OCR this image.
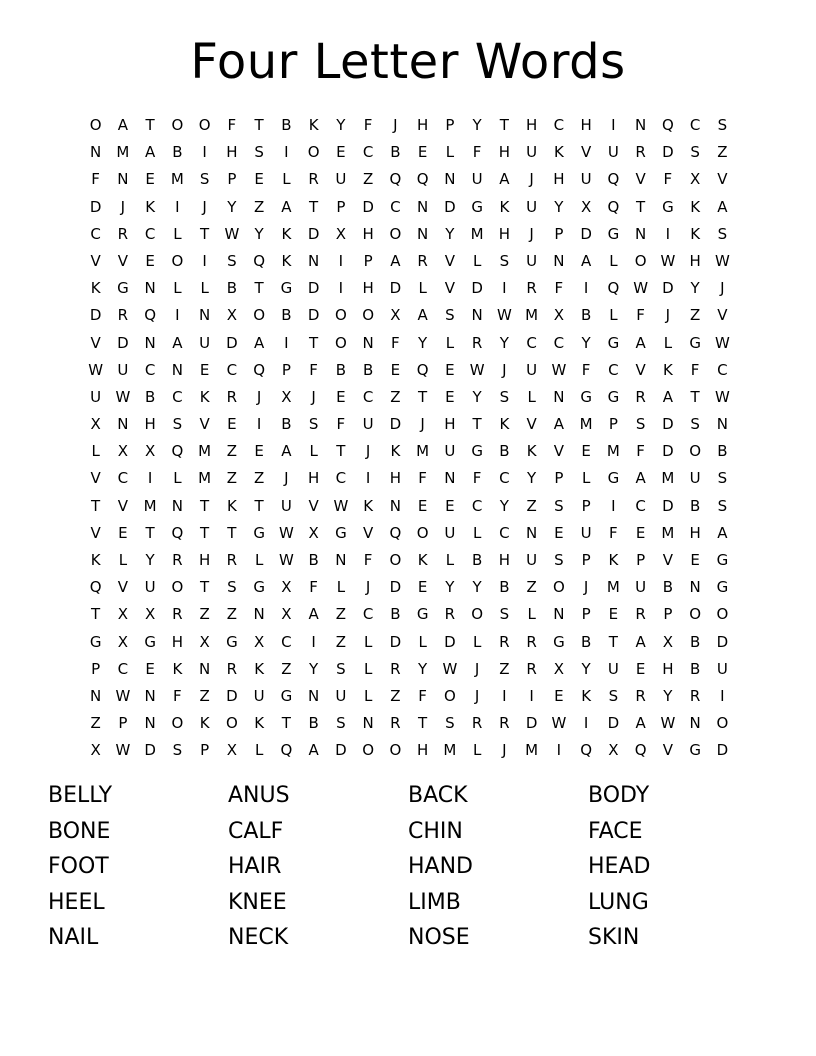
Four Letter Words
O	A	T	O	O	F	T	B	K	Y	F	J	H	P	Y	T	H	C	H	I	N	Q	C	S
N	M	A	B	I	H	S	I	O	E	C	B	E	L	F	H	U	K	V	U	R	D	S	Z
F	N	E	M	S	P	E	L	R	U	Z	Q	Q	N	U	A	J	H	U	Q	V	F	X	V
D	J	K	I	J	Y	Z	A	T	P	D	C	N	D	G	K	U	Y	X	Q	T	G	K	A
C	R	C	L	T	W	Y	K	D	X	H	O	N	Y	M	H	J	P	D	G	N	I	K	S
V	V	E	O	I	S	Q	K	N	I	P	A	R	V	L	S	U	N	A	L	O W H W
K	G	N	L	L	B	T	G	D	I	H	D	L	V	D	I	R	F	I	Q W D	Y	J
D	R	Q	I	N	X	O	B	D	O	O	X	A	S	N W M	X	B	L	F	J	Z	V
V	D	N	A	U	D	A	I	T	O	N	F	Y	L	R	Y	C	C	Y	G	A	L	G W
W U	C	N	E	C	Q	P	F	B	B	E	Q	E	W	J	U W	F	C	V	K	F	C
U W B	C	K	R	J	X	J	E	C	Z	T	E	Y	S	L	N	G	G	R	A	T	W
X	N	H	S	V	E	I	B	S	F	U	D	J	H	T	K	V	A	M	P	S	D	S	N
L	X	X	Q M	Z	E	A	L	T	J	K	M	U	G	B	K	V	E	M	F	D	O	B
V	C	I	L	M	Z	Z	J	H	C	I	H	F	N	F	C	Y	P	L	G	A	M	U	S
T	V	M	N	T	K	T	U	V W K	N	E	E	C	Y	Z	S	P	I	C	D	B	S
V	E	T	Q	T	T	G W X	G	V	Q	O	U	L	C	N	E	U	F	E	M	H	A
K	L	Y	R	H	R	L	W B	N	F	O	K	L	B	H	U	S	P	K	P	V	E	G
Q	V	U	O	T	S	G	X	F	L	J	D	E	Y	Y	B	Z	O	J	M	U	B	N	G
T	X	X	R	Z	Z	N	X	A	Z	C	B	G	R	O	S	L	N	P	E	R	P	O	O
G	X	G	H	X	G	X	C	I	Z	L	D	L	D	L	R	R	G	B	T	A	X	B	D
P	C	E	K	N	R	K	Z	Y	S	L	R	Y	W	J	Z	R	X	Y	U	E	H	B	U
N W N	F	Z	D	U	G	N	U	L	Z	F	O	J	I	I	E	K	S	R	Y	R	I
Z	P	N	O	K	O	K	T	B	S	N	R	T	S	R	R	D W	I	D	A W N	O
X W D	S	P	X	L	Q	A	D	O	O	H	M	L	J	M	I	Q	X	Q	V	G	D
BELLY	ANUS	BACK	BODY
BONE	CALF	CHIN	FACE
FOOT	HAIR	HAND	HEAD
HEEL	KNEE	LIMB	LUNG
NAIL	NECK	NOSE	SKIN
